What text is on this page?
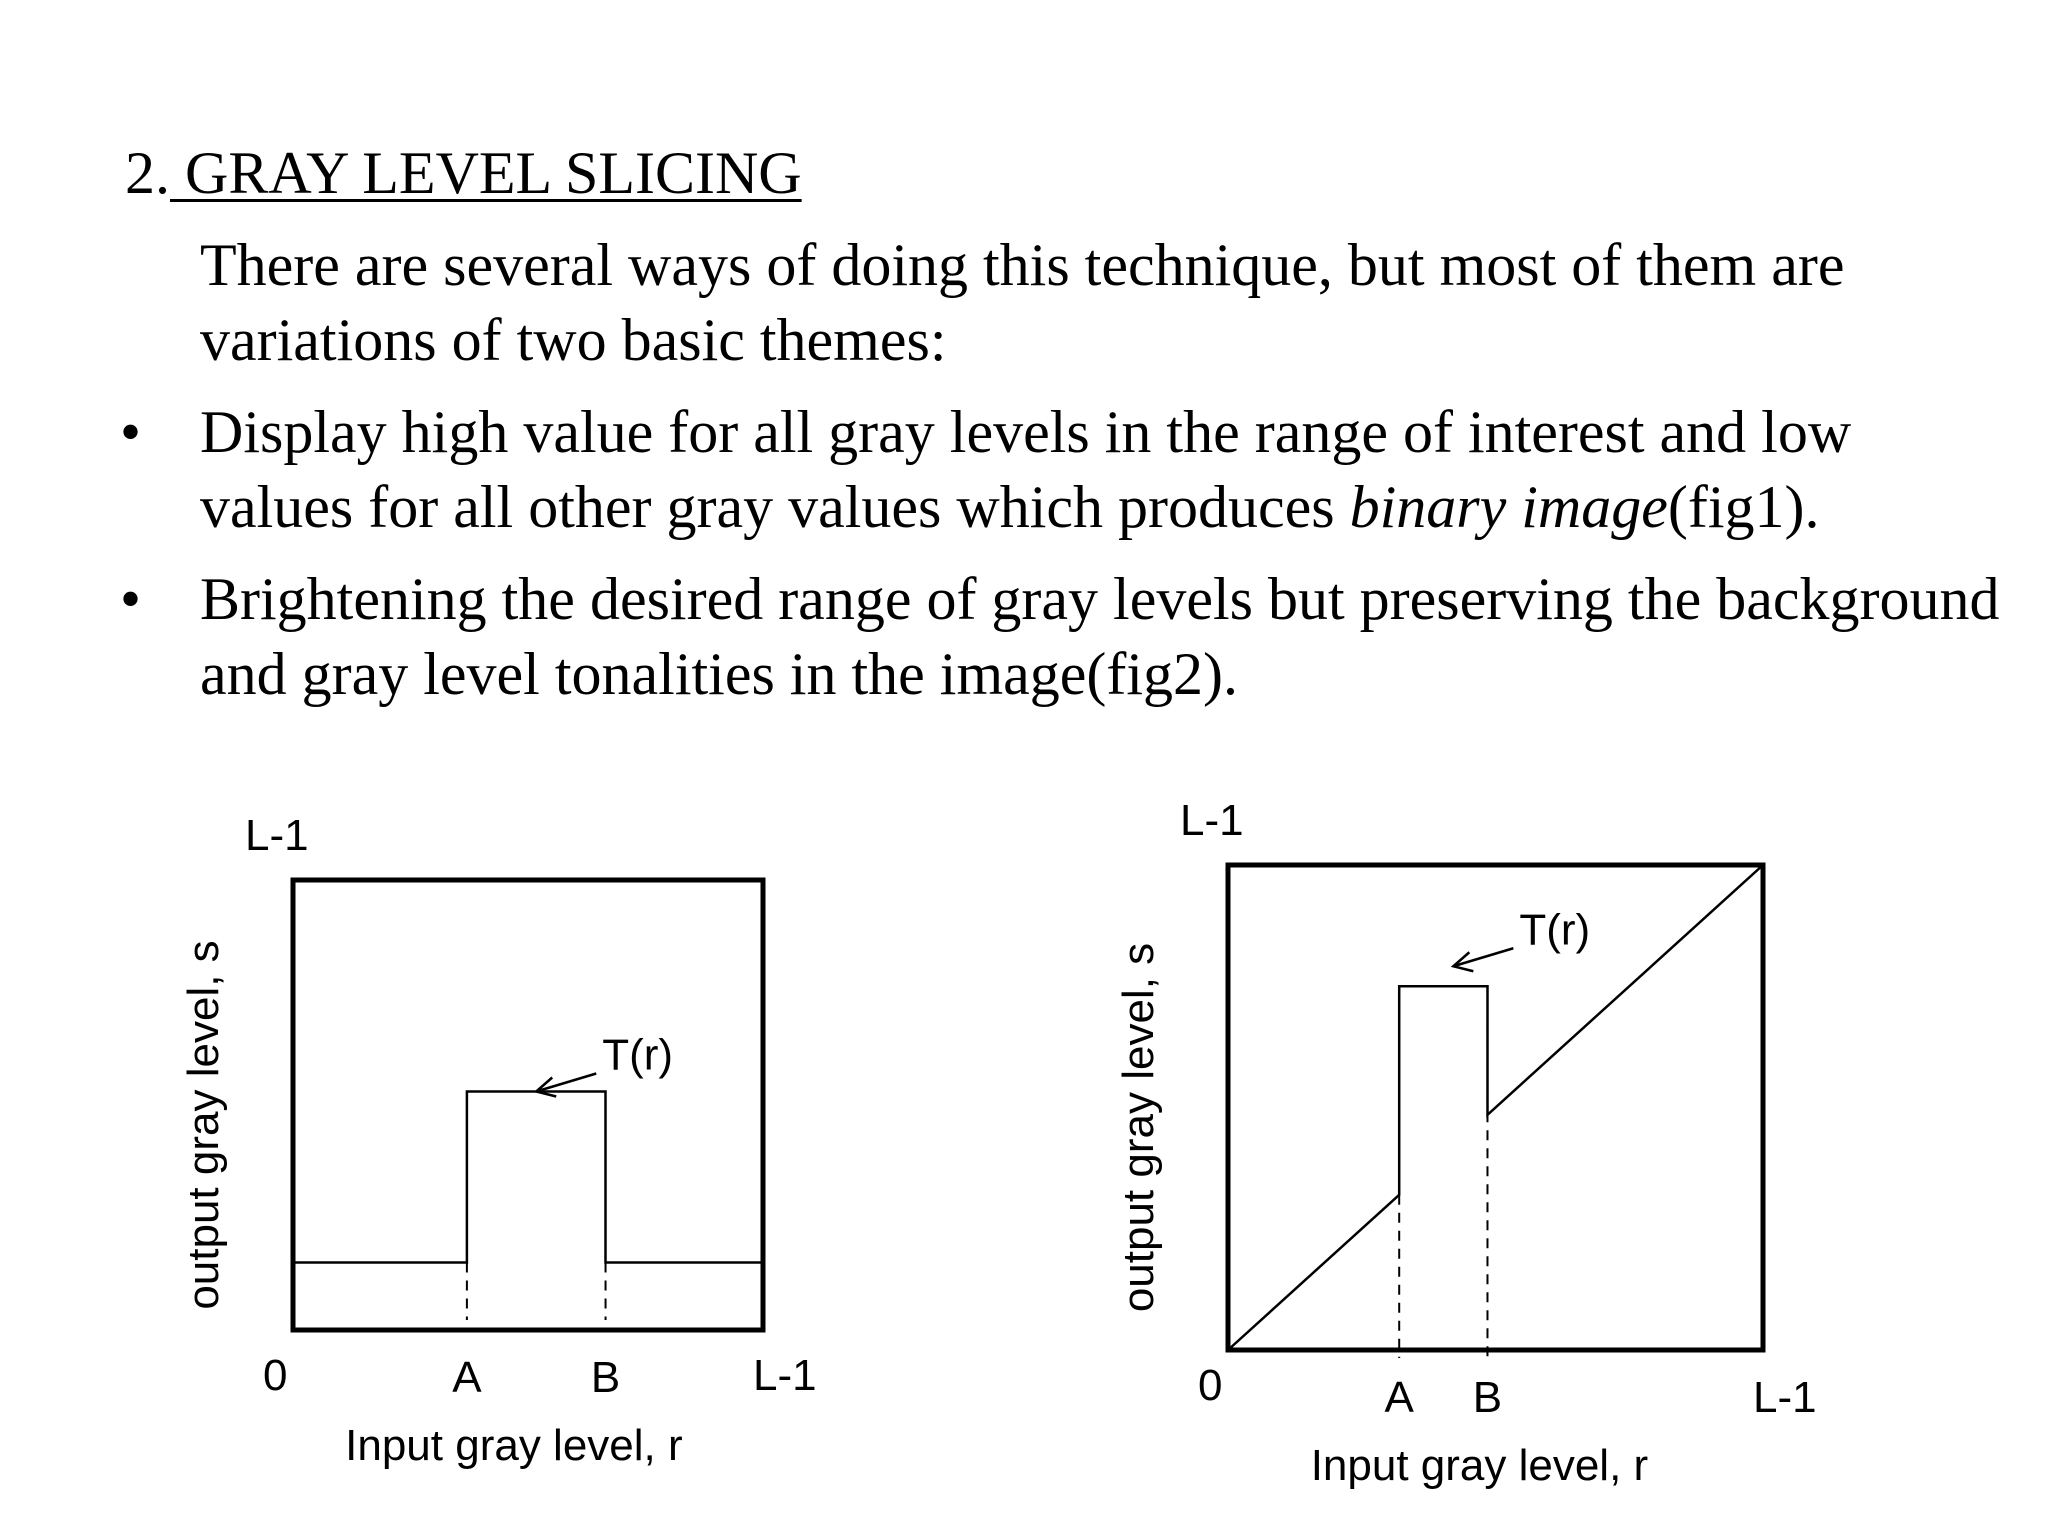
2. GRAY LEVEL SLICING
There are several ways of doing this technique, but most of them are variations of two basic themes:
• Display high value for all gray levels in the range of interest and low values for all other gray values which produces binary image(fig1).
• Brightening the desired range of gray levels but preserving the background and gray level tonalities in the image(fig2).
T(r)
L-1
0	A B	L-1
Input gray level, r
output gray level, s
T(r)
L-1
0	A B	L-1
Input gray level, r
output gray level, s
